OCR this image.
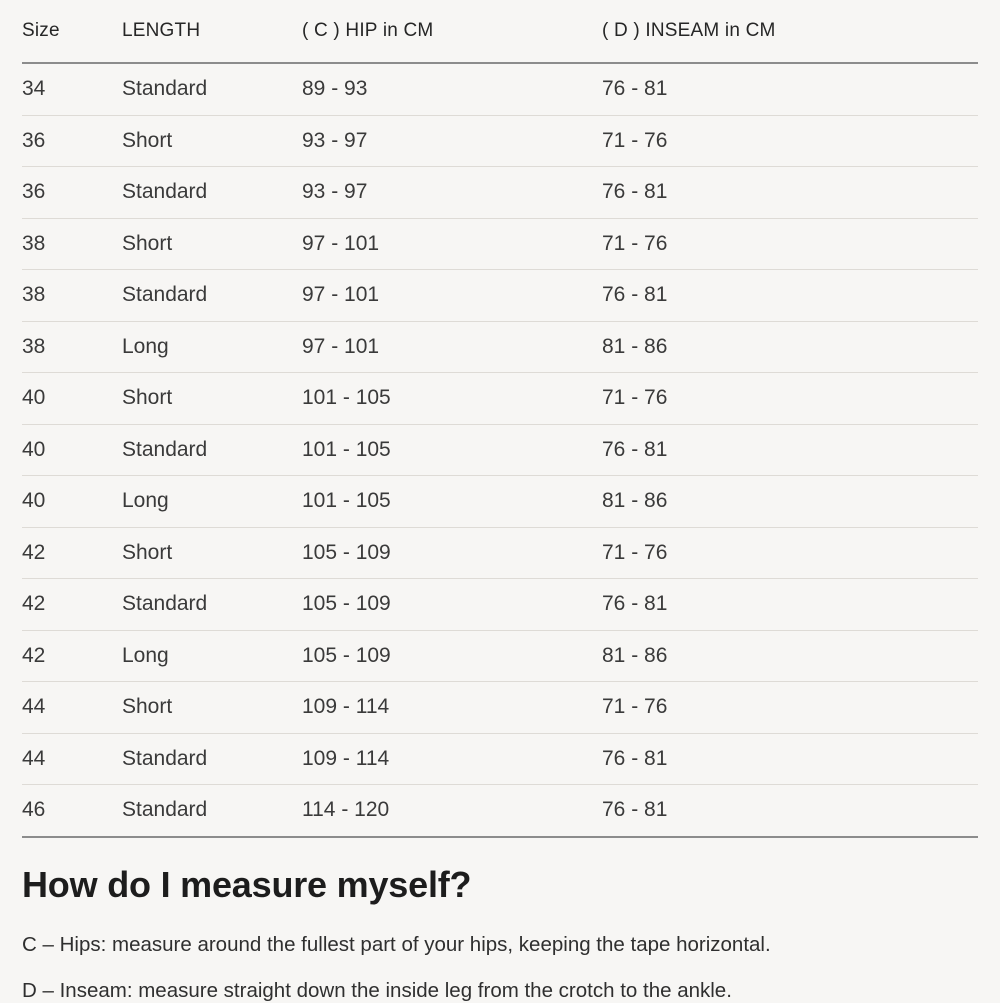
Size	LENGTH	( C ) HIP in CM	( D ) INSEAM in CM
34	Standard	89 - 93	76 - 81
36	Short	93 - 97	71 - 76
36	Standard	93 - 97	76 - 81
38	Short	97 - 101	71 - 76
38	Standard	97 - 101	76 - 81
38	Long	97 - 101	81 - 86
40	Short	101 - 105	71 - 76
40	Standard	101 - 105	76 - 81
40	Long	101 - 105	81 - 86
42	Short	105 - 109	71 - 76
42	Standard	105 - 109	76 - 81
42	Long	105 - 109	81 - 86
44	Short	109 - 114	71 - 76
44	Standard	109 - 114	76 - 81
46	Standard	114 - 120	76 - 81
How do I measure myself?

C – Hips: measure around the fullest part of your hips, keeping the tape horizontal.

D – Inseam: measure straight down the inside leg from the crotch to the ankle.
